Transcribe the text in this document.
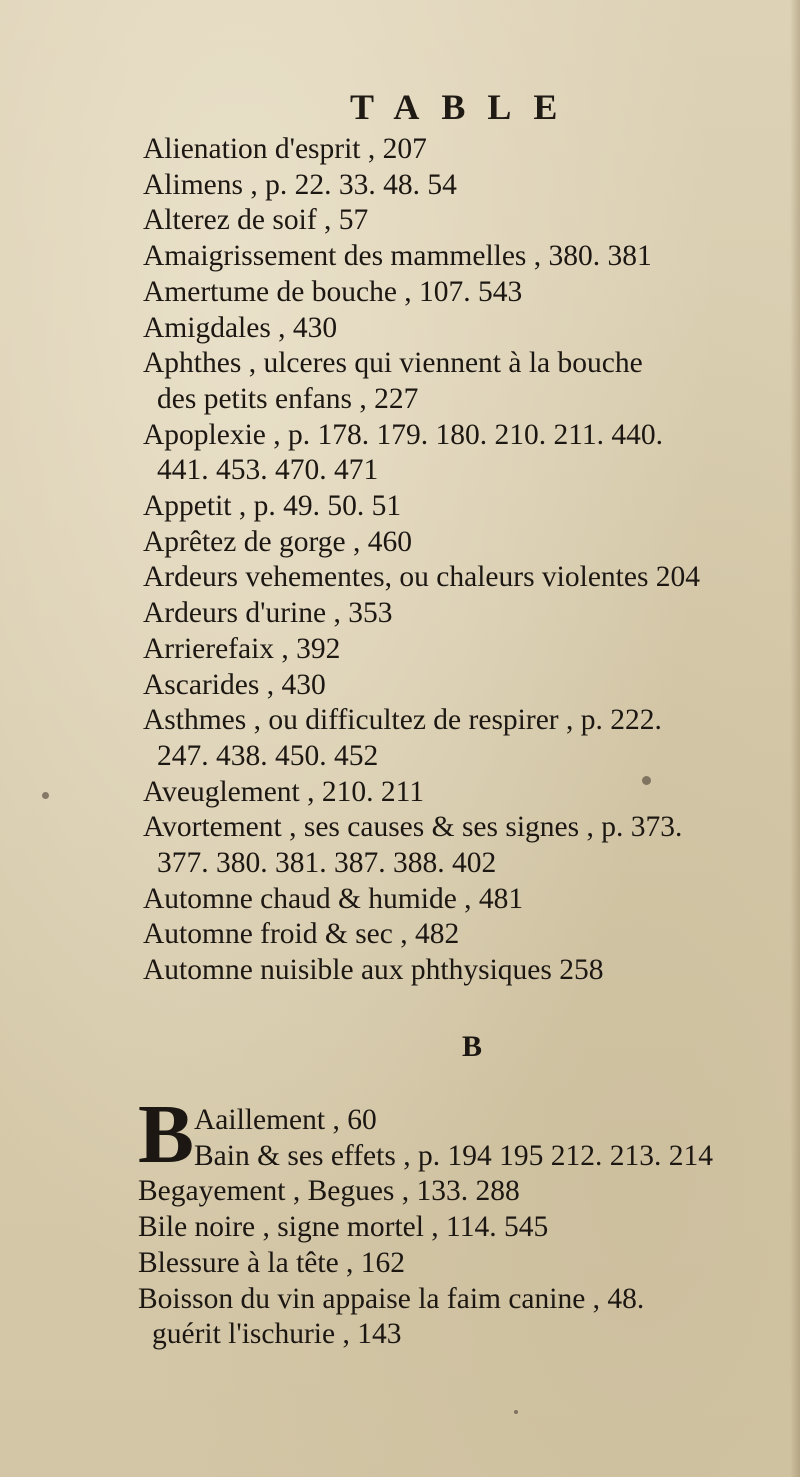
TABLE
Alienation d'esprit , 207
Alimens , p. 22. 33. 48. 54
Alterez de soif , 57
Amaigrissement des mammelles , 380. 381
Amertume de bouche , 107. 543
Amigdales , 430
Aphthes , ulceres qui viennent à la bouche
des petits enfans , 227
Apoplexie , p. 178. 179. 180. 210. 211. 440.
441. 453. 470. 471
Appetit , p. 49. 50. 51
Aprêtez de gorge , 460
Ardeurs vehementes, ou chaleurs violentes 204
Ardeurs d'urine , 353
Arrierefaix , 392
Ascarides , 430
Asthmes , ou difficultez de respirer , p. 222.
247. 438. 450. 452
Aveuglement , 210. 211
Avortement , ses causes & ses signes , p. 373.
377. 380. 381. 387. 388. 402
Automne chaud & humide , 481
Automne froid & sec , 482
Automne nuisible aux phthysiques 258
B
B Aaillement , 60
Bain & ses effets , p. 194 195 212. 213. 214
Begayement , Begues , 133. 288
Bile noire , signe mortel , 114. 545
Blessure à la tête , 162
Boisson du vin appaise la faim canine , 48.
guérit l'ischurie , 143
